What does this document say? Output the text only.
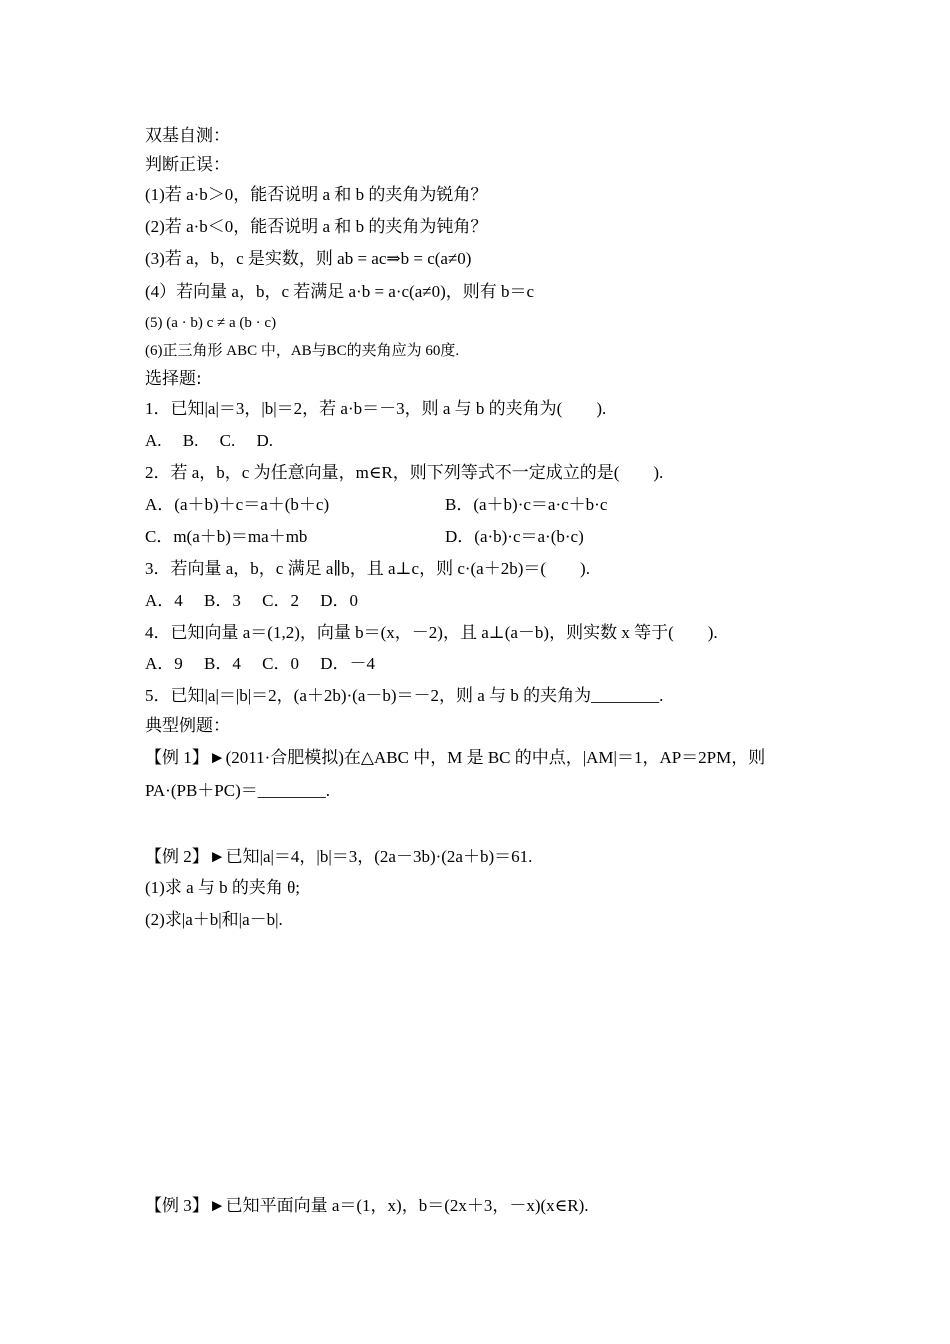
双基自测：
判断正误：
(1)若 a·b＞0，能否说明 a 和 b 的夹角为锐角？
(2)若 a·b＜0，能否说明 a 和 b 的夹角为钝角？
(3)若 a，b，c 是实数，则 ab = ac⇒b = c(a≠0)
(4）若向量 a，b，c 若满足 a·b = a·c(a≠0)，则有 b＝c
(5) (a · b) c ≠ a (b · c)
(6)正三角形 ABC 中，AB与BC的夹角应为 60度.
选择题:
1．已知|a|＝3，|b|＝2，若 a·b＝－3，则 a 与 b 的夹角为(　　).
A.　 B.　 C.　 D.
2．若 a，b，c 为任意向量，m∈R，则下列等式不一定成立的是(　　).
A．(a＋b)＋c＝a＋(b＋c)	B．(a＋b)·c＝a·c＋b·c
C．m(a＋b)＝ma＋mb	D．(a·b)·c＝a·(b·c)
3．若向量 a，b，c 满足 a∥b，且 a⊥c，则 c·(a＋2b)＝(　　).
A．4　 B．3　 C．2　 D．0
4．已知向量 a＝(1,2)，向量 b＝(x，－2)，且 a⊥(a－b)，则实数 x 等于(　　).
A．9　 B．4　 C．0　 D．－4
5．已知|a|＝|b|＝2，(a＋2b)·(a－b)＝－2，则 a 与 b 的夹角为________.
典型例题：
【例 1】►(2011·合肥模拟)在△ABC 中，M 是 BC 的中点，|AM|＝1，AP＝2PM，则
PA·(PB＋PC)＝________.
【例 2】►已知|a|＝4，|b|＝3，(2a－3b)·(2a＋b)＝61.
(1)求 a 与 b 的夹角 θ;
(2)求|a＋b|和|a－b|.
【例 3】►已知平面向量 a＝(1，x)，b＝(2x＋3，－x)(x∈R).
